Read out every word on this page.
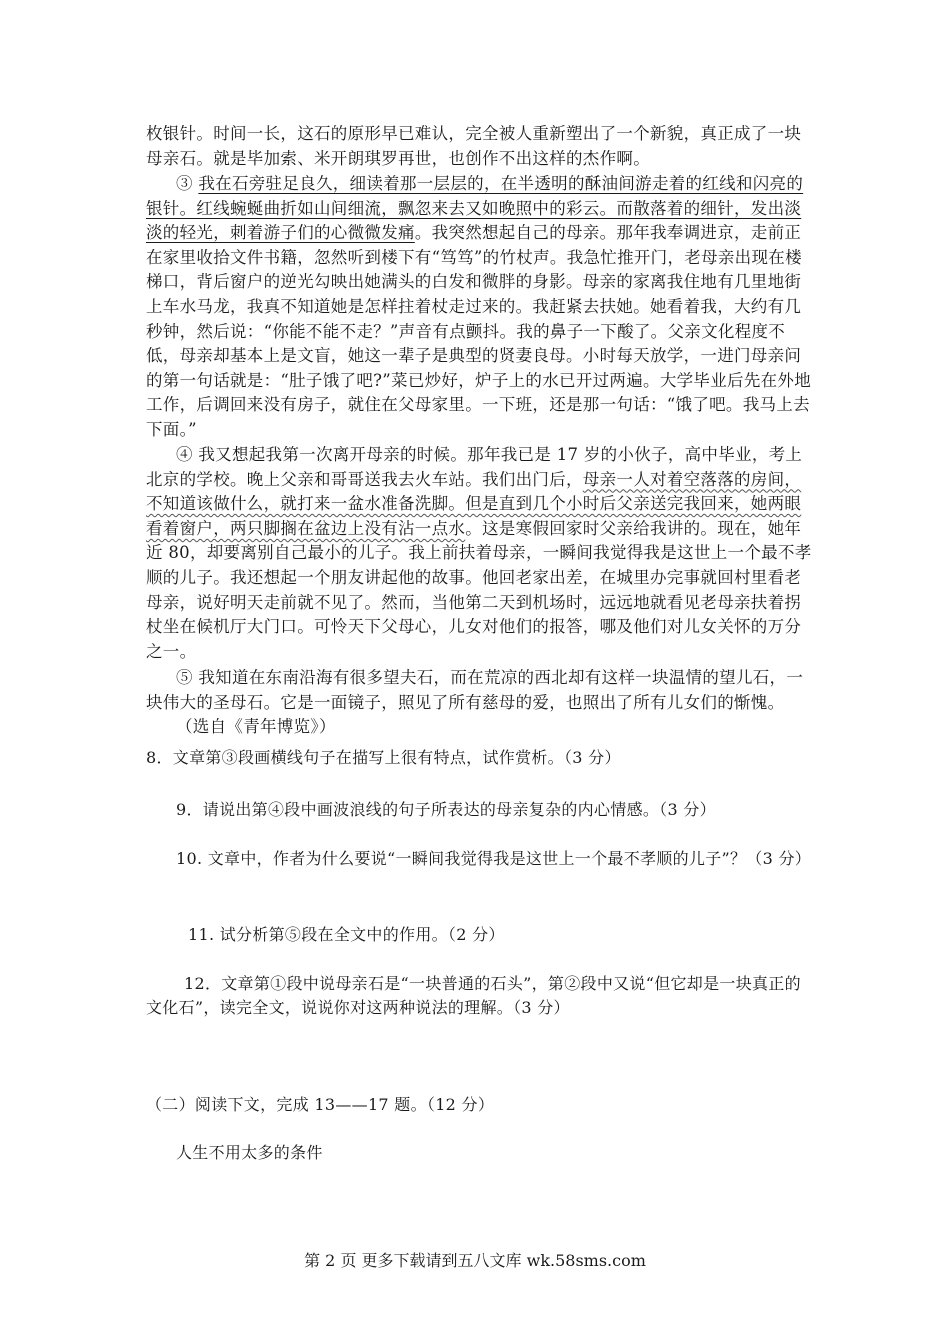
枚银针。时间一长，这石的原形早已难认，完全被人重新塑出了一个新貌，真正成了一块母亲石。就是毕加索、米开朗琪罗再世，也创作不出这样的杰作啊。

③ 我在石旁驻足良久，细读着那一层层的，在半透明的酥油间游走着的红线和闪亮的银针。红线蜿蜒曲折如山间细流，飘忽来去又如晚照中的彩云。而散落着的细针，发出淡淡的轻光，刺着游子们的心微微发痛。我突然想起自己的母亲。那年我奉调进京，走前正在家里收拾文件书籍，忽然听到楼下有“笃笃”的竹杖声。我急忙推开门，老母亲出现在楼梯口，背后窗户的逆光勾映出她满头的白发和微胖的身影。母亲的家离我住地有几里地街上车水马龙，我真不知道她是怎样拄着杖走过来的。我赶紧去扶她。她看着我，大约有几秒钟，然后说：“你能不能不走？”声音有点颤抖。我的鼻子一下酸了。父亲文化程度不低，母亲却基本上是文盲，她这一辈子是典型的贤妻良母。小时每天放学，一进门母亲问的第一句话就是：“肚子饿了吧?”菜已炒好，炉子上的水已开过两遍。大学毕业后先在外地工作，后调回来没有房子，就住在父母家里。一下班，还是那一句话：“饿了吧。我马上去下面。”

④ 我又想起我第一次离开母亲的时候。那年我已是 17 岁的小伙子，高中毕业，考上北京的学校。晚上父亲和哥哥送我去火车站。我们出门后，母亲一人对着空落落的房间，不知道该做什么，就打来一盆水准备洗脚。但是直到几个小时后父亲送完我回来，她两眼看着窗户，两只脚搁在盆边上没有沾一点水。这是寒假回家时父亲给我讲的。现在，她年近 80，却要离别自己最小的儿子。我上前扶着母亲，一瞬间我觉得我是这世上一个最不孝顺的儿子。我还想起一个朋友讲起他的故事。他回老家出差，在城里办完事就回村里看老母亲，说好明天走前就不见了。然而，当他第二天到机场时，远远地就看见老母亲扶着拐杖坐在候机厅大门口。可怜天下父母心，儿女对他们的报答，哪及他们对儿女关怀的万分之一。

⑤ 我知道在东南沿海有很多望夫石，而在荒凉的西北却有这样一块温情的望儿石，一块伟大的圣母石。它是一面镜子，照见了所有慈母的爱，也照出了所有儿女们的惭愧。

（选自《青年博览》）

8．文章第③段画横线句子在描写上很有特点，试作赏析。（3 分）

9．请说出第④段中画波浪线的句子所表达的母亲复杂的内心情感。（3 分）

10. 文章中，作者为什么要说“一瞬间我觉得我是这世上一个最不孝顺的儿子”？（3 分）

11. 试分析第⑤段在全文中的作用。（2 分）

12．文章第①段中说母亲石是“一块普通的石头”，第②段中又说“但它却是一块真正的文化石”，读完全文，说说你对这两种说法的理解。（3 分）

（二）阅读下文，完成 13——17 题。（12 分）

人生不用太多的条件

第 2 页 更多下载请到五八文库 wk.58sms.com
